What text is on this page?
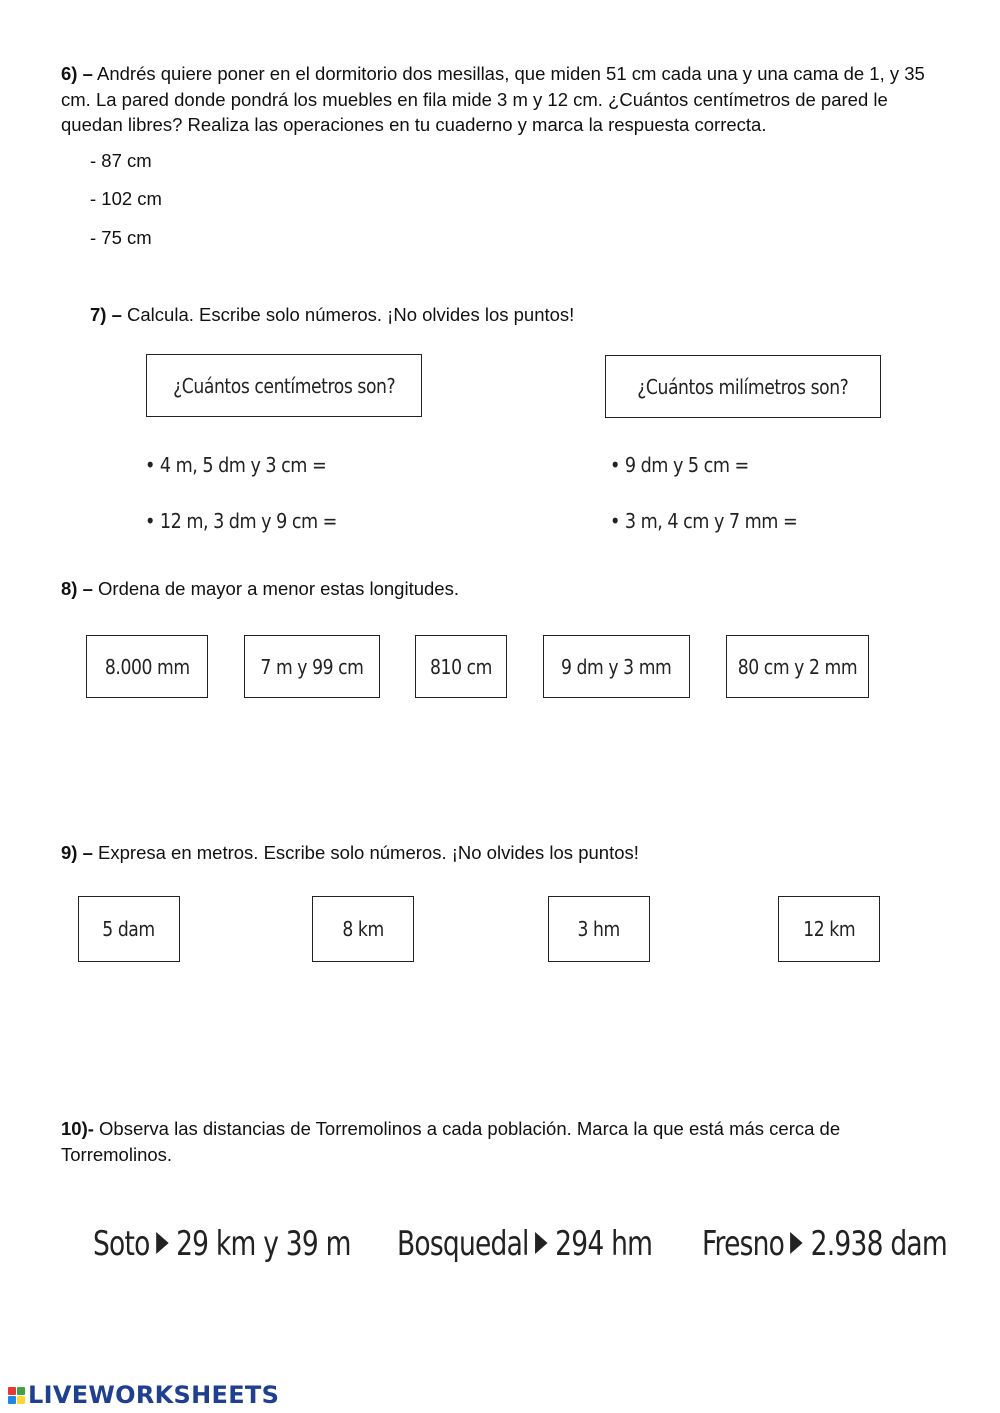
6) – Andrés quiere poner en el dormitorio dos mesillas, que miden 51 cm cada una y una cama de 1, y 35 cm. La pared donde pondrá los muebles en fila mide 3 m y 12 cm. ¿Cuántos centímetros de pared le quedan libres? Realiza las operaciones en tu cuaderno y marca la respuesta correcta.
- 87 cm
- 102 cm
- 75 cm
7) – Calcula. Escribe solo números. ¡No olvides los puntos!
¿Cuántos centímetros son?	¿Cuántos milímetros son?
• 4 m, 5 dm y 3 cm =
• 12 m, 3 dm y 9 cm =
• 9 dm y 5 cm =
• 3 m, 4 cm y 7 mm =
8) – Ordena de mayor a menor estas longitudes.
8.000 mm	7 m y 99 cm	810 cm	9 dm y 3 mm	80 cm y 2 mm
9) – Expresa en metros. Escribe solo números. ¡No olvides los puntos!
5 dam	8 km	3 hm	12 km
10)- Observa las distancias de Torremolinos a cada población. Marca la que está más cerca de Torremolinos.
Soto 29 km y 39 m	Bosquedal 294 hm	Fresno 2.938 dam
LIVEWORKSHEETS
